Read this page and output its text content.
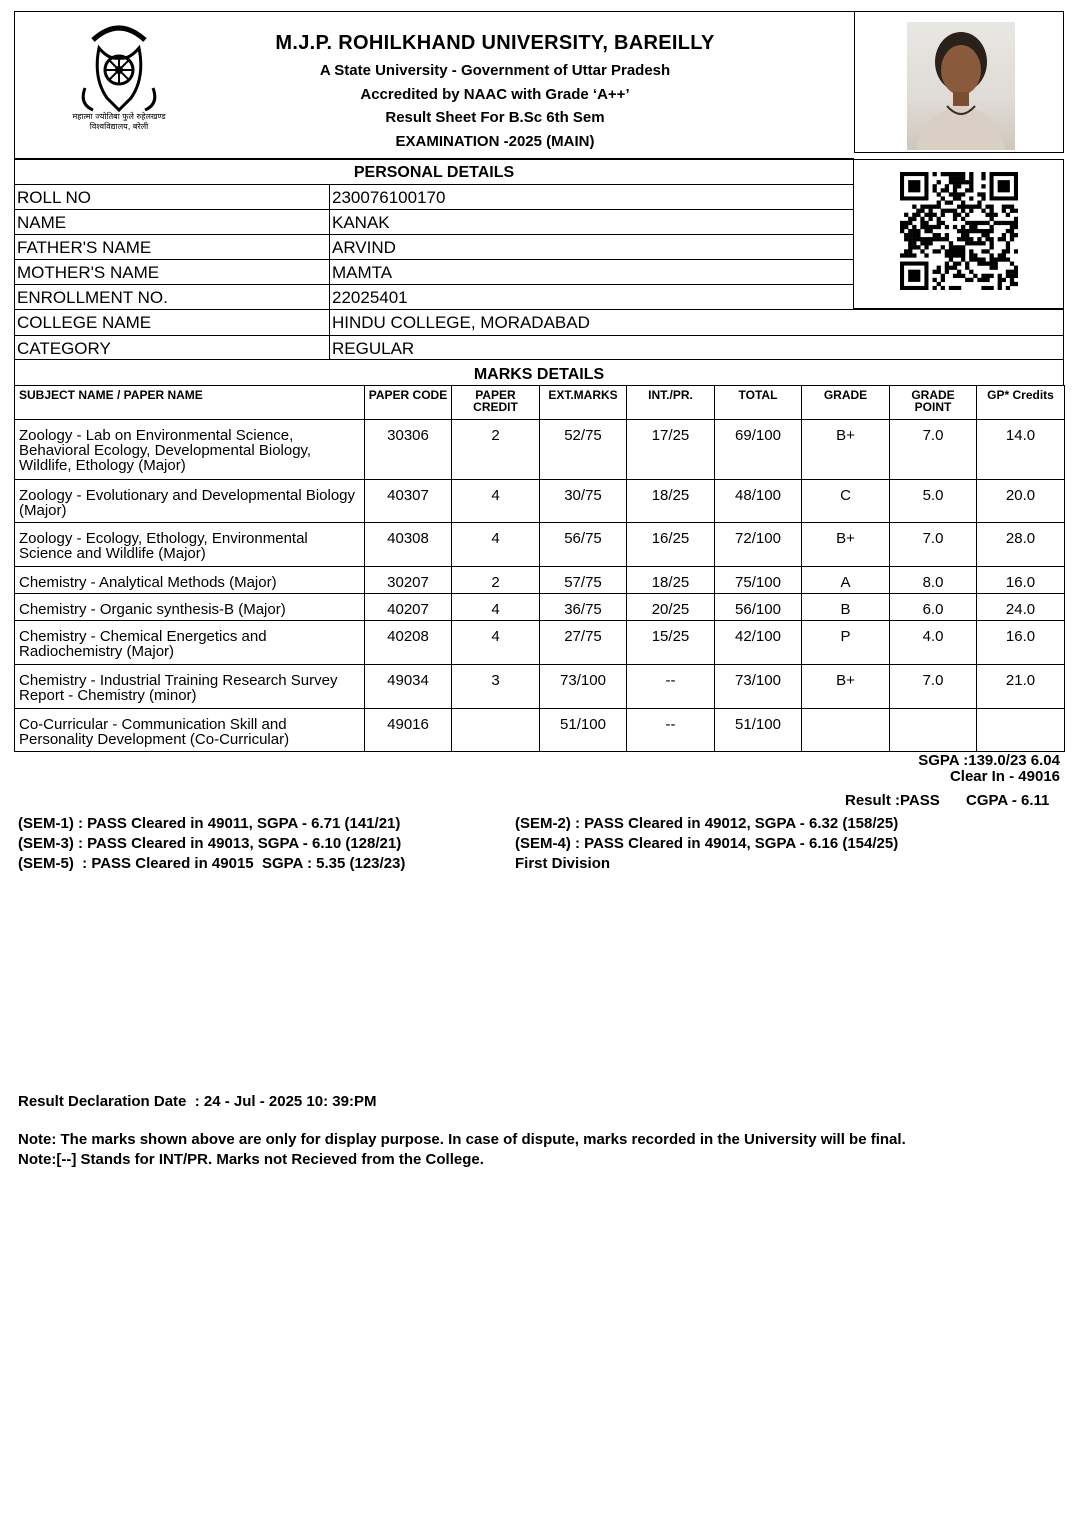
महात्मा ज्योतिबा फुले रुहेलखण्ड विश्वविद्यालय, बरेली
M.J.P. ROHILKHAND UNIVERSITY, BAREILLY
A State University - Government of Uttar Pradesh
Accredited by NAAC with Grade ‘A++’
Result Sheet For B.Sc 6th Sem
EXAMINATION -2025 (MAIN)
PERSONAL DETAILS
ROLL NO	230076100170
NAME	KANAK
FATHER'S NAME	ARVIND
MOTHER'S NAME	MAMTA
ENROLLMENT NO.	22025401
COLLEGE NAME	HINDU COLLEGE, MORADABAD
CATEGORY	REGULAR
MARKS DETAILS
SUBJECT NAME / PAPER NAME	PAPER CODE	PAPER CREDIT	EXT.MARKS	INT./PR.	TOTAL	GRADE	GRADE POINT	GP* Credits
Zoology - Lab on Environmental Science, Behavioral Ecology, Developmental Biology, Wildlife, Ethology (Major)	30306	2	52/75	17/25	69/100	B+	7.0	14.0
Zoology - Evolutionary and Developmental Biology (Major)	40307	4	30/75	18/25	48/100	C	5.0	20.0
Zoology - Ecology, Ethology, Environmental Science and Wildlife (Major)	40308	4	56/75	16/25	72/100	B+	7.0	28.0
Chemistry - Analytical Methods (Major)	30207	2	57/75	18/25	75/100	A	8.0	16.0
Chemistry - Organic synthesis-B (Major)	40207	4	36/75	20/25	56/100	B	6.0	24.0
Chemistry - Chemical Energetics and Radiochemistry (Major)	40208	4	27/75	15/25	42/100	P	4.0	16.0
Chemistry - Industrial Training Research Survey Report - Chemistry (minor)	49034	3	73/100	--	73/100	B+	7.0	21.0
Co-Curricular - Communication Skill and Personality Development (Co-Curricular)	49016		51/100	--	51/100			
SGPA :139.0/23 6.04
Clear In - 49016
Result :PASS CGPA - 6.11
(SEM-1) : PASS Cleared in 49011, SGPA - 6.71 (141/21)	(SEM-2) : PASS Cleared in 49012, SGPA - 6.32 (158/25)
(SEM-3) : PASS Cleared in 49013, SGPA - 6.10 (128/21)	(SEM-4) : PASS Cleared in 49014, SGPA - 6.16 (154/25)
(SEM-5)  : PASS Cleared in 49015  SGPA : 5.35 (123/23)	First Division
Result Declaration Date  : 24 - Jul - 2025 10: 39:PM
Note: The marks shown above are only for display purpose. In case of dispute, marks recorded in the University will be final.
Note:[--] Stands for INT/PR. Marks not Recieved from the College.
